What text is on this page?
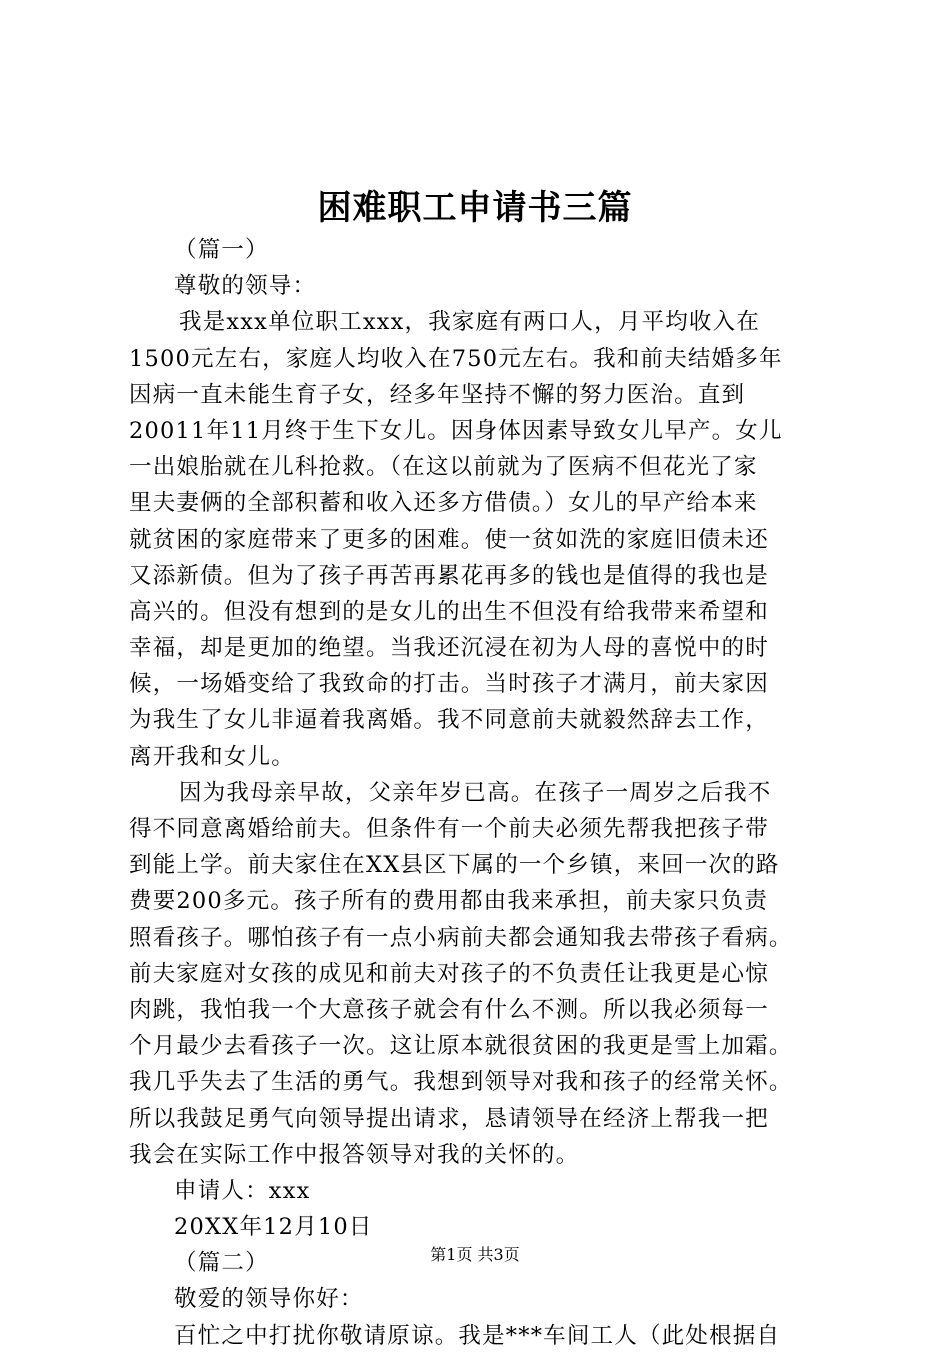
困难职工申请书三篇
（篇一）
尊敬的领导：
我是xxx单位职工xxx，我家庭有两口人，月平均收入在
1500元左右，家庭人均收入在750元左右。我和前夫结婚多年
因病一直未能生育子女，经多年坚持不懈的努力医治。直到
20011年11月终于生下女儿。因身体因素导致女儿早产。女儿
一出娘胎就在儿科抢救。（在这以前就为了医病不但花光了家
里夫妻俩的全部积蓄和收入还多方借债。）女儿的早产给本来
就贫困的家庭带来了更多的困难。使一贫如洗的家庭旧债未还
又添新债。但为了孩子再苦再累花再多的钱也是值得的我也是
高兴的。但没有想到的是女儿的出生不但没有给我带来希望和
幸福，却是更加的绝望。当我还沉浸在初为人母的喜悦中的时
候，一场婚变给了我致命的打击。当时孩子才满月，前夫家因
为我生了女儿非逼着我离婚。我不同意前夫就毅然辞去工作，
离开我和女儿。
因为我母亲早故，父亲年岁已高。在孩子一周岁之后我不
得不同意离婚给前夫。但条件有一个前夫必须先帮我把孩子带
到能上学。前夫家住在XX县区下属的一个乡镇，来回一次的路
费要200多元。孩子所有的费用都由我来承担，前夫家只负责
照看孩子。哪怕孩子有一点小病前夫都会通知我去带孩子看病。
前夫家庭对女孩的成见和前夫对孩子的不负责任让我更是心惊
肉跳，我怕我一个大意孩子就会有什么不测。所以我必须每一
个月最少去看孩子一次。这让原本就很贫困的我更是雪上加霜。
我几乎失去了生活的勇气。我想到领导对我和孩子的经常关怀。
所以我鼓足勇气向领导提出请求，恳请领导在经济上帮我一把
我会在实际工作中报答领导对我的关怀的。
申请人：xxx
20XX年12月10日
（篇二）
敬爱的领导你好：
百忙之中打扰你敬请原谅。我是***车间工人（此处根据自
第1页 共3页
